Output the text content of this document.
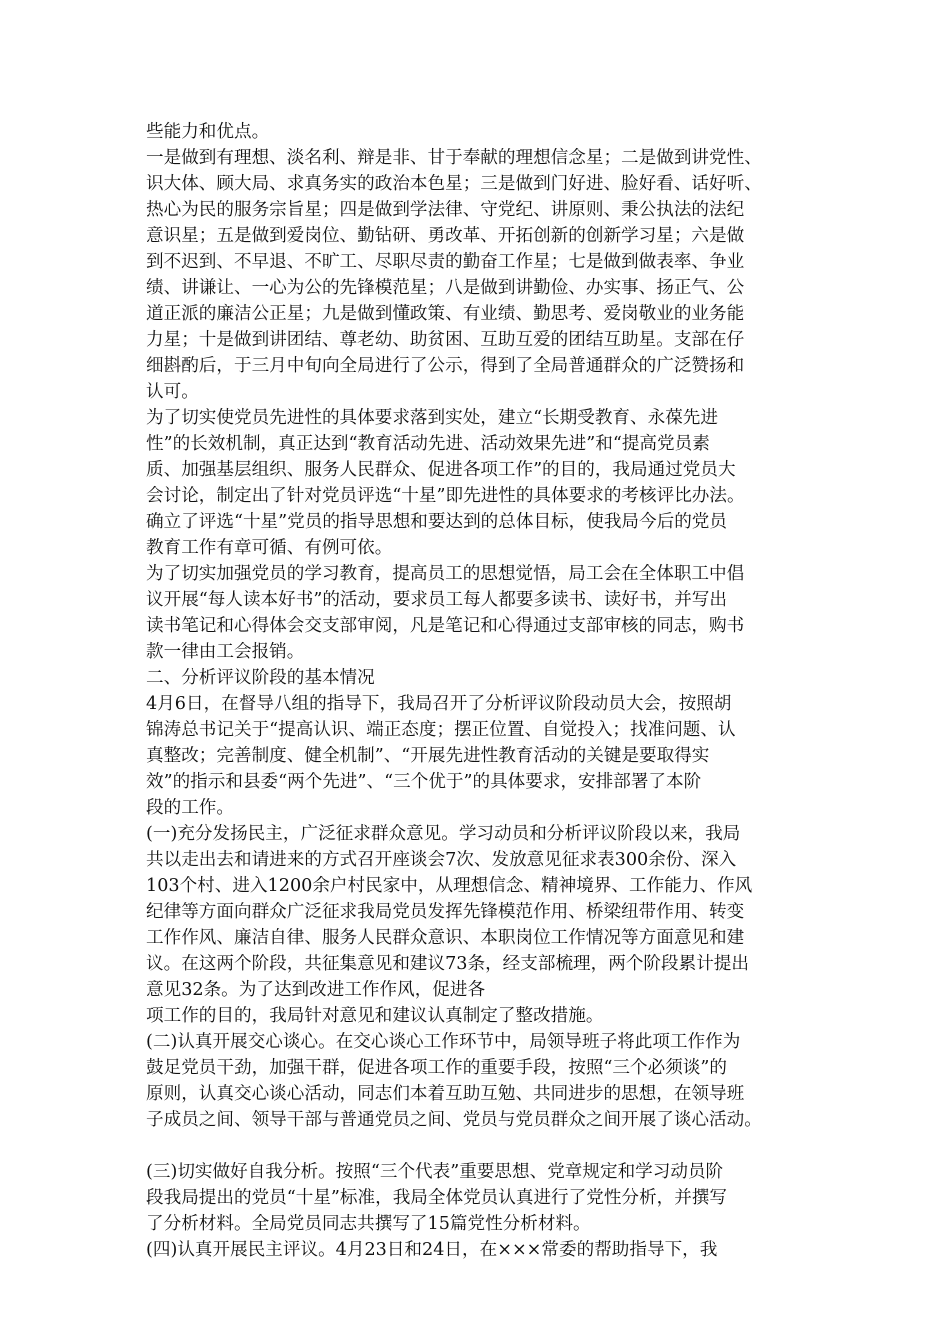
些能力和优点。
一是做到有理想、淡名利、辩是非、甘于奉献的理想信念星；二是做到讲党性、
识大体、顾大局、求真务实的政治本色星；三是做到门好进、脸好看、话好听、
热心为民的服务宗旨星；四是做到学法律、守党纪、讲原则、秉公执法的法纪
意识星；五是做到爱岗位、勤钻研、勇改革、开拓创新的创新学习星；六是做
到不迟到、不早退、不旷工、尽职尽责的勤奋工作星；七是做到做表率、争业
绩、讲谦让、一心为公的先锋模范星；八是做到讲勤俭、办实事、扬正气、公
道正派的廉洁公正星；九是做到懂政策、有业绩、勤思考、爱岗敬业的业务能
力星；十是做到讲团结、尊老幼、助贫困、互助互爱的团结互助星。支部在仔
细斟酌后，于三月中旬向全局进行了公示，得到了全局普通群众的广泛赞扬和
认可。
为了切实使党员先进性的具体要求落到实处，建立“长期受教育、永葆先进
性”的长效机制，真正达到“教育活动先进、活动效果先进”和“提高党员素
质、加强基层组织、服务人民群众、促进各项工作”的目的，我局通过党员大
会讨论，制定出了针对党员评选“十星”即先进性的具体要求的考核评比办法。
确立了评选“十星”党员的指导思想和要达到的总体目标，使我局今后的党员
教育工作有章可循、有例可依。
为了切实加强党员的学习教育，提高员工的思想觉悟，局工会在全体职工中倡
议开展“每人读本好书”的活动，要求员工每人都要多读书、读好书，并写出
读书笔记和心得体会交支部审阅，凡是笔记和心得通过支部审核的同志，购书
款一律由工会报销。
二、分析评议阶段的基本情况
4月6日，在督导八组的指导下，我局召开了分析评议阶段动员大会，按照胡
锦涛总书记关于“提高认识、端正态度；摆正位置、自觉投入；找准问题、认
真整改；完善制度、健全机制”、“开展先进性教育活动的关键是要取得实
效”的指示和县委“两个先进”、“三个优于”的具体要求，安排部署了本阶
段的工作。
(一)充分发扬民主，广泛征求群众意见。学习动员和分析评议阶段以来，我局
共以走出去和请进来的方式召开座谈会7次、发放意见征求表300余份、深入
103个村、进入1200余户村民家中，从理想信念、精神境界、工作能力、作风
纪律等方面向群众广泛征求我局党员发挥先锋模范作用、桥梁纽带作用、转变
工作作风、廉洁自律、服务人民群众意识、本职岗位工作情况等方面意见和建
议。在这两个阶段，共征集意见和建议73条，经支部梳理，两个阶段累计提出
意见32条。为了达到改进工作作风，促进各
项工作的目的，我局针对意见和建议认真制定了整改措施。
(二)认真开展交心谈心。在交心谈心工作环节中，局领导班子将此项工作作为
鼓足党员干劲，加强干群，促进各项工作的重要手段，按照“三个必须谈”的
原则，认真交心谈心活动，同志们本着互助互勉、共同进步的思想，在领导班
子成员之间、领导干部与普通党员之间、党员与党员群众之间开展了谈心活动。
(三)切实做好自我分析。按照“三个代表”重要思想、党章规定和学习动员阶
段我局提出的党员“十星”标准，我局全体党员认真进行了党性分析，并撰写
了分析材料。全局党员同志共撰写了15篇党性分析材料。
(四)认真开展民主评议。4月23日和24日，在×××常委的帮助指导下，我
